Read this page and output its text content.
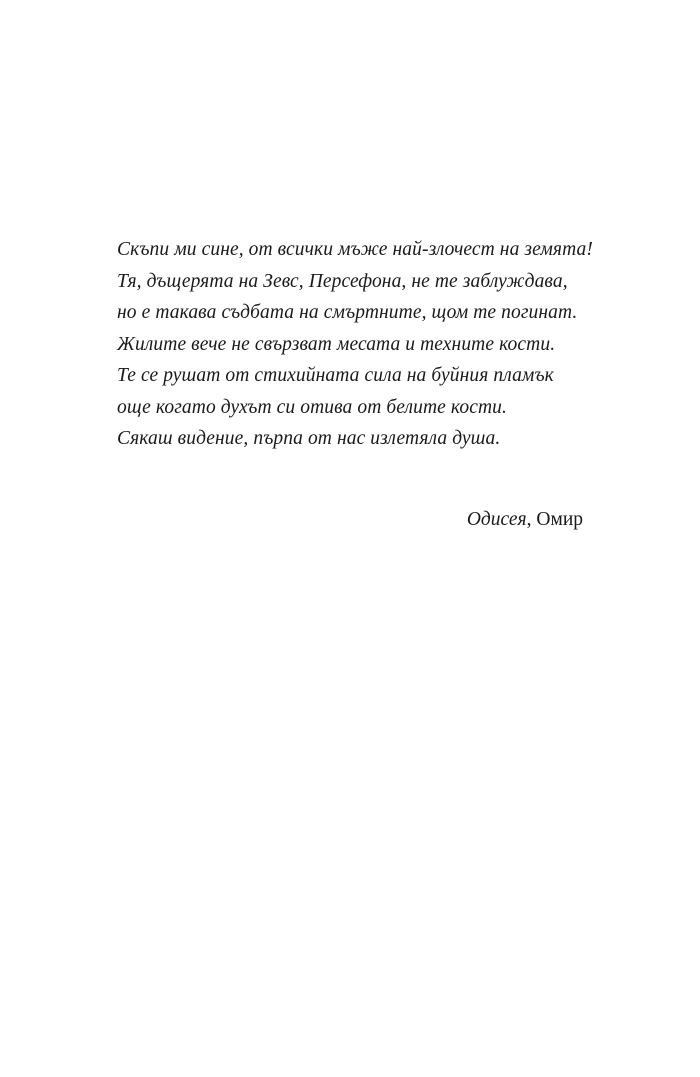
Скъпи ми сине, от всички мъже най-злочест на земята!
Тя, дъщерята на Зевс, Персефона, не те заблуждава,
но е такава съдбата на смъртните, щом те погинат.
Жилите вече не свързват месата и техните кости.
Те се рушат от стихийната сила на буйния пламък
още когато духът си отива от белите кости.
Сякаш видение, пърпа от нас излетяла душа.
Одисея, Омир
